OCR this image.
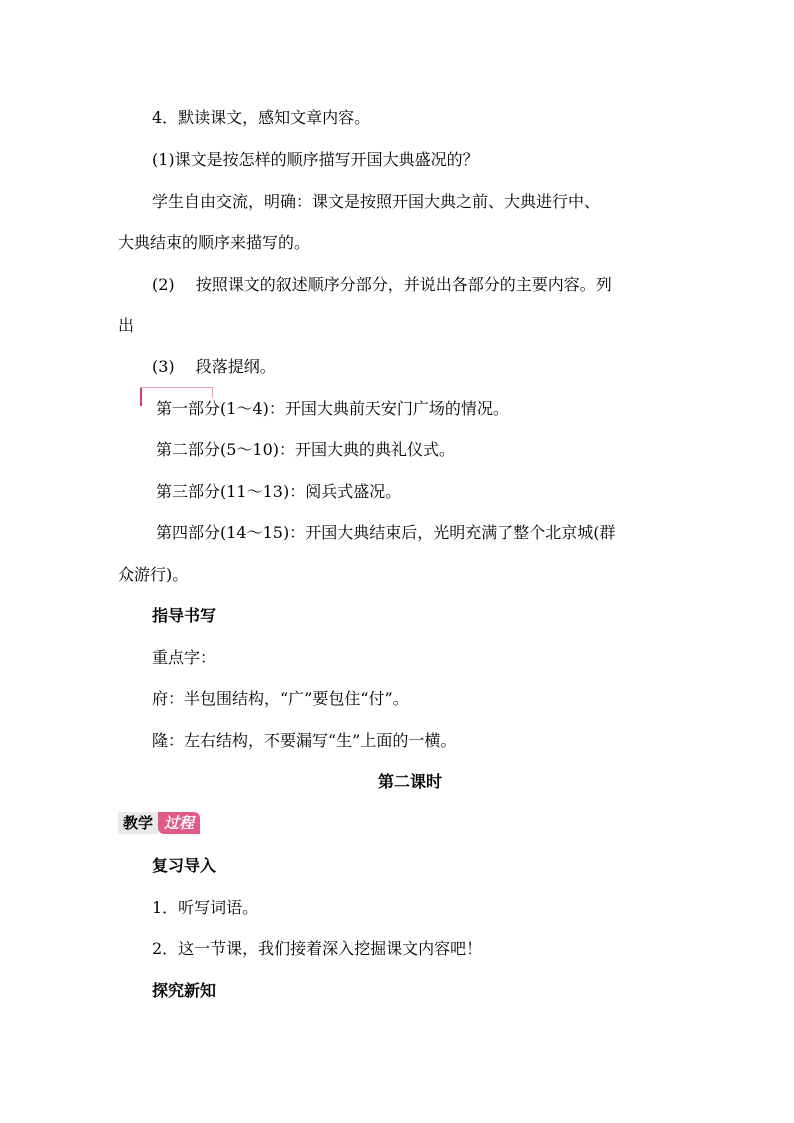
4．默读课文，感知文章内容。
(1)课文是按怎样的顺序描写开国大典盛况的？
学生自由交流，明确：课文是按照开国大典之前、大典进行中、
大典结束的顺序来描写的。
(2)　 按照课文的叙述顺序分部分，并说出各部分的主要内容。列
出
(3)　 段落提纲。
第一部分(1～4)：开国大典前天安门广场的情况。
第二部分(5～10)：开国大典的典礼仪式。
第三部分(11～13)：阅兵式盛况。
第四部分(14～15)：开国大典结束后，光明充满了整个北京城(群
众游行)。
指导书写
重点字：
府：半包围结构，“广”要包住“付”。
隆：左右结构，不要漏写“生”上面的一横。
第二课时
教学 过程
复习导入
1．听写词语。
2．这一节课，我们接着深入挖掘课文内容吧！
探究新知
